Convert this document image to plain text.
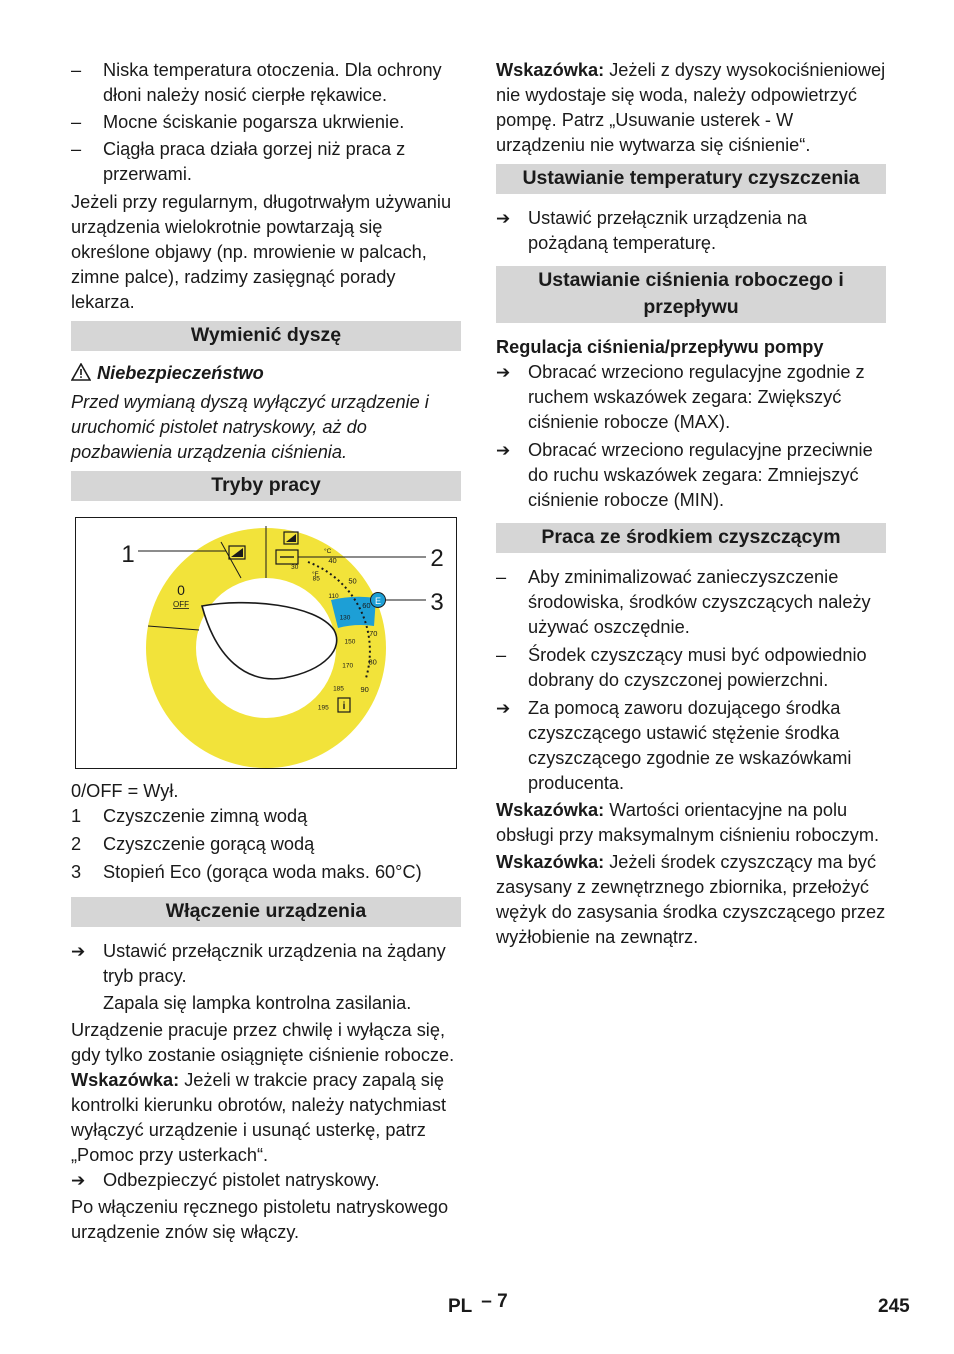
– Niska temperatura otoczenia. Dla ochrony dłoni należy nosić cierpłe rękawice.
– Mocne ściskanie pogarsza ukrwienie.
– Ciągła praca działa gorzej niż praca z przerwami.

Jeżeli przy regularnym, długotrwałym używaniu urządzenia wielokrotnie powtarzają się określone objawy (np. mrowienie w palcach, zimne palce), radzimy zasięgnąć porady lekarza.

Wymienić dyszę

Niebezpieczeństwo

Przed wymianą dyszą wyłączyć urządzenie i uruchomić pistolet natryskowy, aż do pozbawienia urządzenia ciśnienia.

Tryby pracy
i
E
0
OFF
°C
°F
1	2
3
30
85
110
130
150
170
185
195
40
50
60
70
80
90

0/OFF = Wył.

1 Czyszczenie zimną wodą
2 Czyszczenie gorącą wodą
3 Stopień Eco (gorąca woda maks. 60°C)
Włączenie urządzenia
➔ Ustawić przełącznik urządzenia na żądany tryb pracy.

Zapala się lampka kontrolna zasilania.

Urządzenie pracuje przez chwilę i wyłącza się, gdy tylko zostanie osiągnięte ciśnienie robocze.

Wskazówka: Jeżeli w trakcie pracy zapalą się kontrolki kierunku obrotów, należy natychmiast wyłączyć urządzenie i usunąć usterkę, patrz „Pomoc przy usterkach“.

➔ Odbezpieczyć pistolet natryskowy.

Po włączeniu ręcznego pistoletu natryskowego urządzenie znów się włączy.

Wskazówka: Jeżeli z dyszy wysokociśnieniowej nie wydostaje się woda, należy odpowietrzyć pompę. Patrz „Usuwanie usterek - W urządzeniu nie wytwarza się ciśnienie“.

Ustawianie temperatury czyszczenia
➔ Ustawić przełącznik urządzenia na pożądaną temperaturę.
Ustawianie ciśnienia roboczego i przepływu

Regulacja ciśnienia/przepływu pompy

➔ Obracać wrzeciono regulacyjne zgodnie z ruchem wskazówek zegara: Zwiększyć ciśnienie robocze (MAX).
➔ Obracać wrzeciono regulacyjne przeciwnie do ruchu wskazówek zegara: Zmniejszyć ciśnienie robocze (MIN).
Praca ze środkiem czyszczącym
– Aby zminimalizować zanieczyszczenie środowiska, środków czyszczących należy używać oszczędnie.
– Środek czyszczący musi być odpowiednio dobrany do czyszczonej powierzchni.
➔ Za pomocą zaworu dozującego środka czyszczącego ustawić stężenie środka czyszczącego zgodnie ze wskazówkami producenta.

Wskazówka: Wartości orientacyjne na polu obsługi przy maksymalnym ciśnieniu roboczym.

Wskazówka: Jeżeli środek czyszczący ma być zasysany z zewnętrznego zbiornika, przełożyć wężyk do zasysania środka czyszczącego przez wyżłobienie na zewnątrz.

PL – 7	245
